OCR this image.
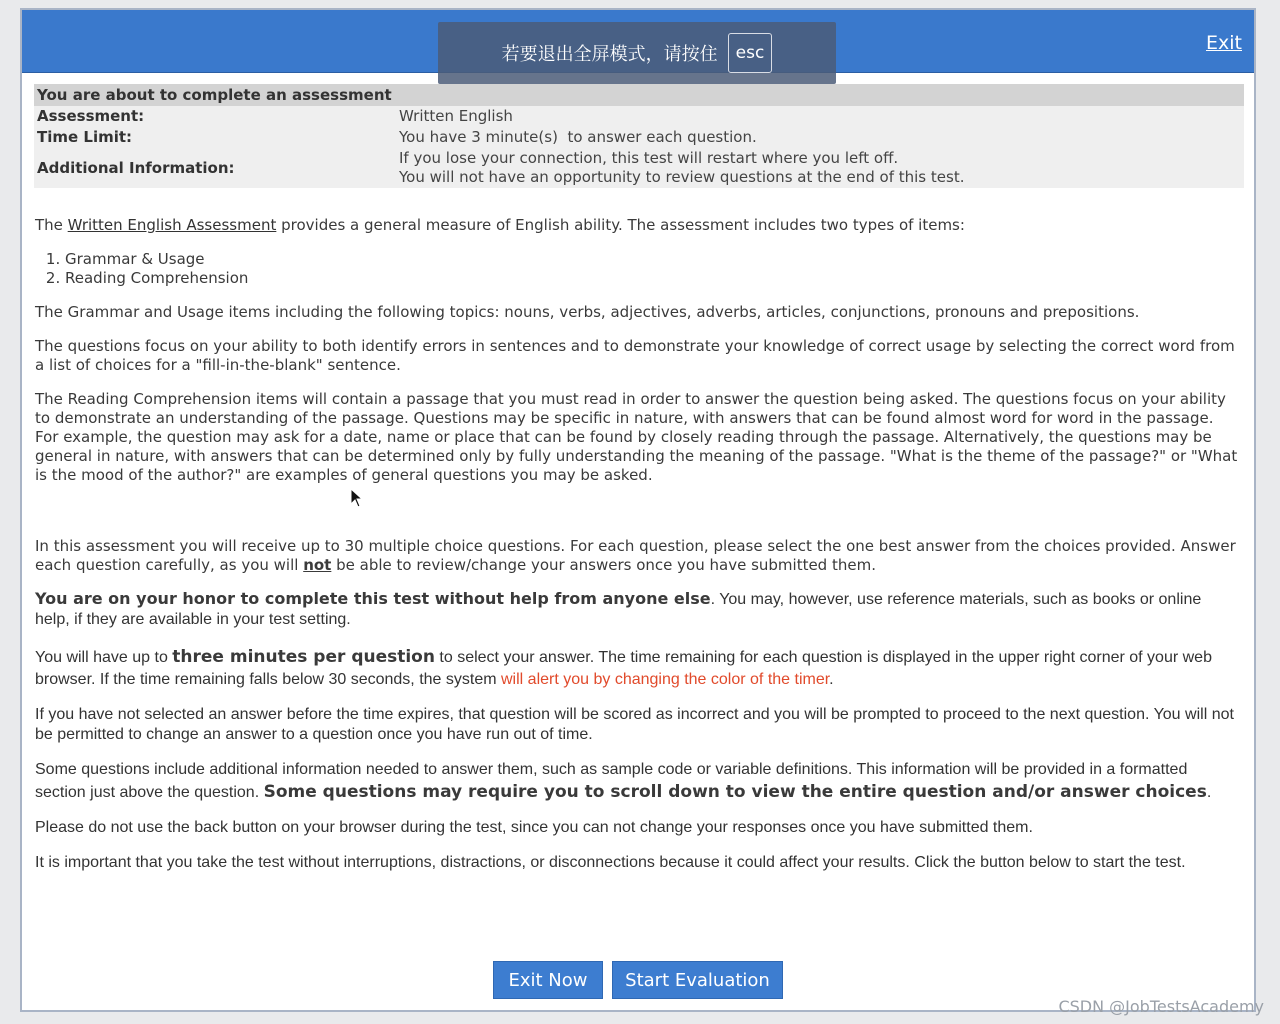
Exit
You are about to complete an assessment
Assessment:	Written English
Time Limit:	You have 3 minute(s)  to answer each question.
Additional Information:
If you lose your connection, this test will restart where you left off.
You will not have an opportunity to review questions at the end of this test.

The Written English Assessment provides a general measure of English ability. The assessment includes two types of items:

1. Grammar & Usage
2. Reading Comprehension

The Grammar and Usage items including the following topics: nouns, verbs, adjectives, adverbs, articles, conjunctions, pronouns and prepositions.

The questions focus on your ability to both identify errors in sentences and to demonstrate your knowledge of correct usage by selecting the correct word from a list of choices for a "fill-in-the-blank" sentence.

The Reading Comprehension items will contain a passage that you must read in order to answer the question being asked. The questions focus on your ability to demonstrate an understanding of the passage. Questions may be specific in nature, with answers that can be found almost word for word in the passage. For example, the question may ask for a date, name or place that can be found by closely reading through the passage. Alternatively, the questions may be general in nature, with answers that can be determined only by fully understanding the meaning of the passage. "What is the theme of the passage?" or "What is the mood of the author?" are examples of general questions you may be asked.

In this assessment you will receive up to 30 multiple choice questions. For each question, please select the one best answer from the choices provided. Answer each question carefully, as you will not be able to review/change your answers once you have submitted them.

You are on your honor to complete this test without help from anyone else. You may, however, use reference materials, such as books or online help, if they are available in your test setting.

You will have up to three minutes per question to select your answer. The time remaining for each question is displayed in the upper right corner of your web browser. If the time remaining falls below 30 seconds, the system will alert you by changing the color of the timer.

If you have not selected an answer before the time expires, that question will be scored as incorrect and you will be prompted to proceed to the next question. You will not be permitted to change an answer to a question once you have run out of time.

Some questions include additional information needed to answer them, such as sample code or variable definitions. This information will be provided in a formatted section just above the question. Some questions may require you to scroll down to view the entire question and/or answer choices.

Please do not use the back button on your browser during the test, since you can not change your responses once you have submitted them.

It is important that you take the test without interruptions, distractions, or disconnections because it could affect your results. Click the button below to start the test.

Exit Now	Start Evaluation
若要退出全屏模式，请按住	esc
CSDN @JobTestsAcademy
